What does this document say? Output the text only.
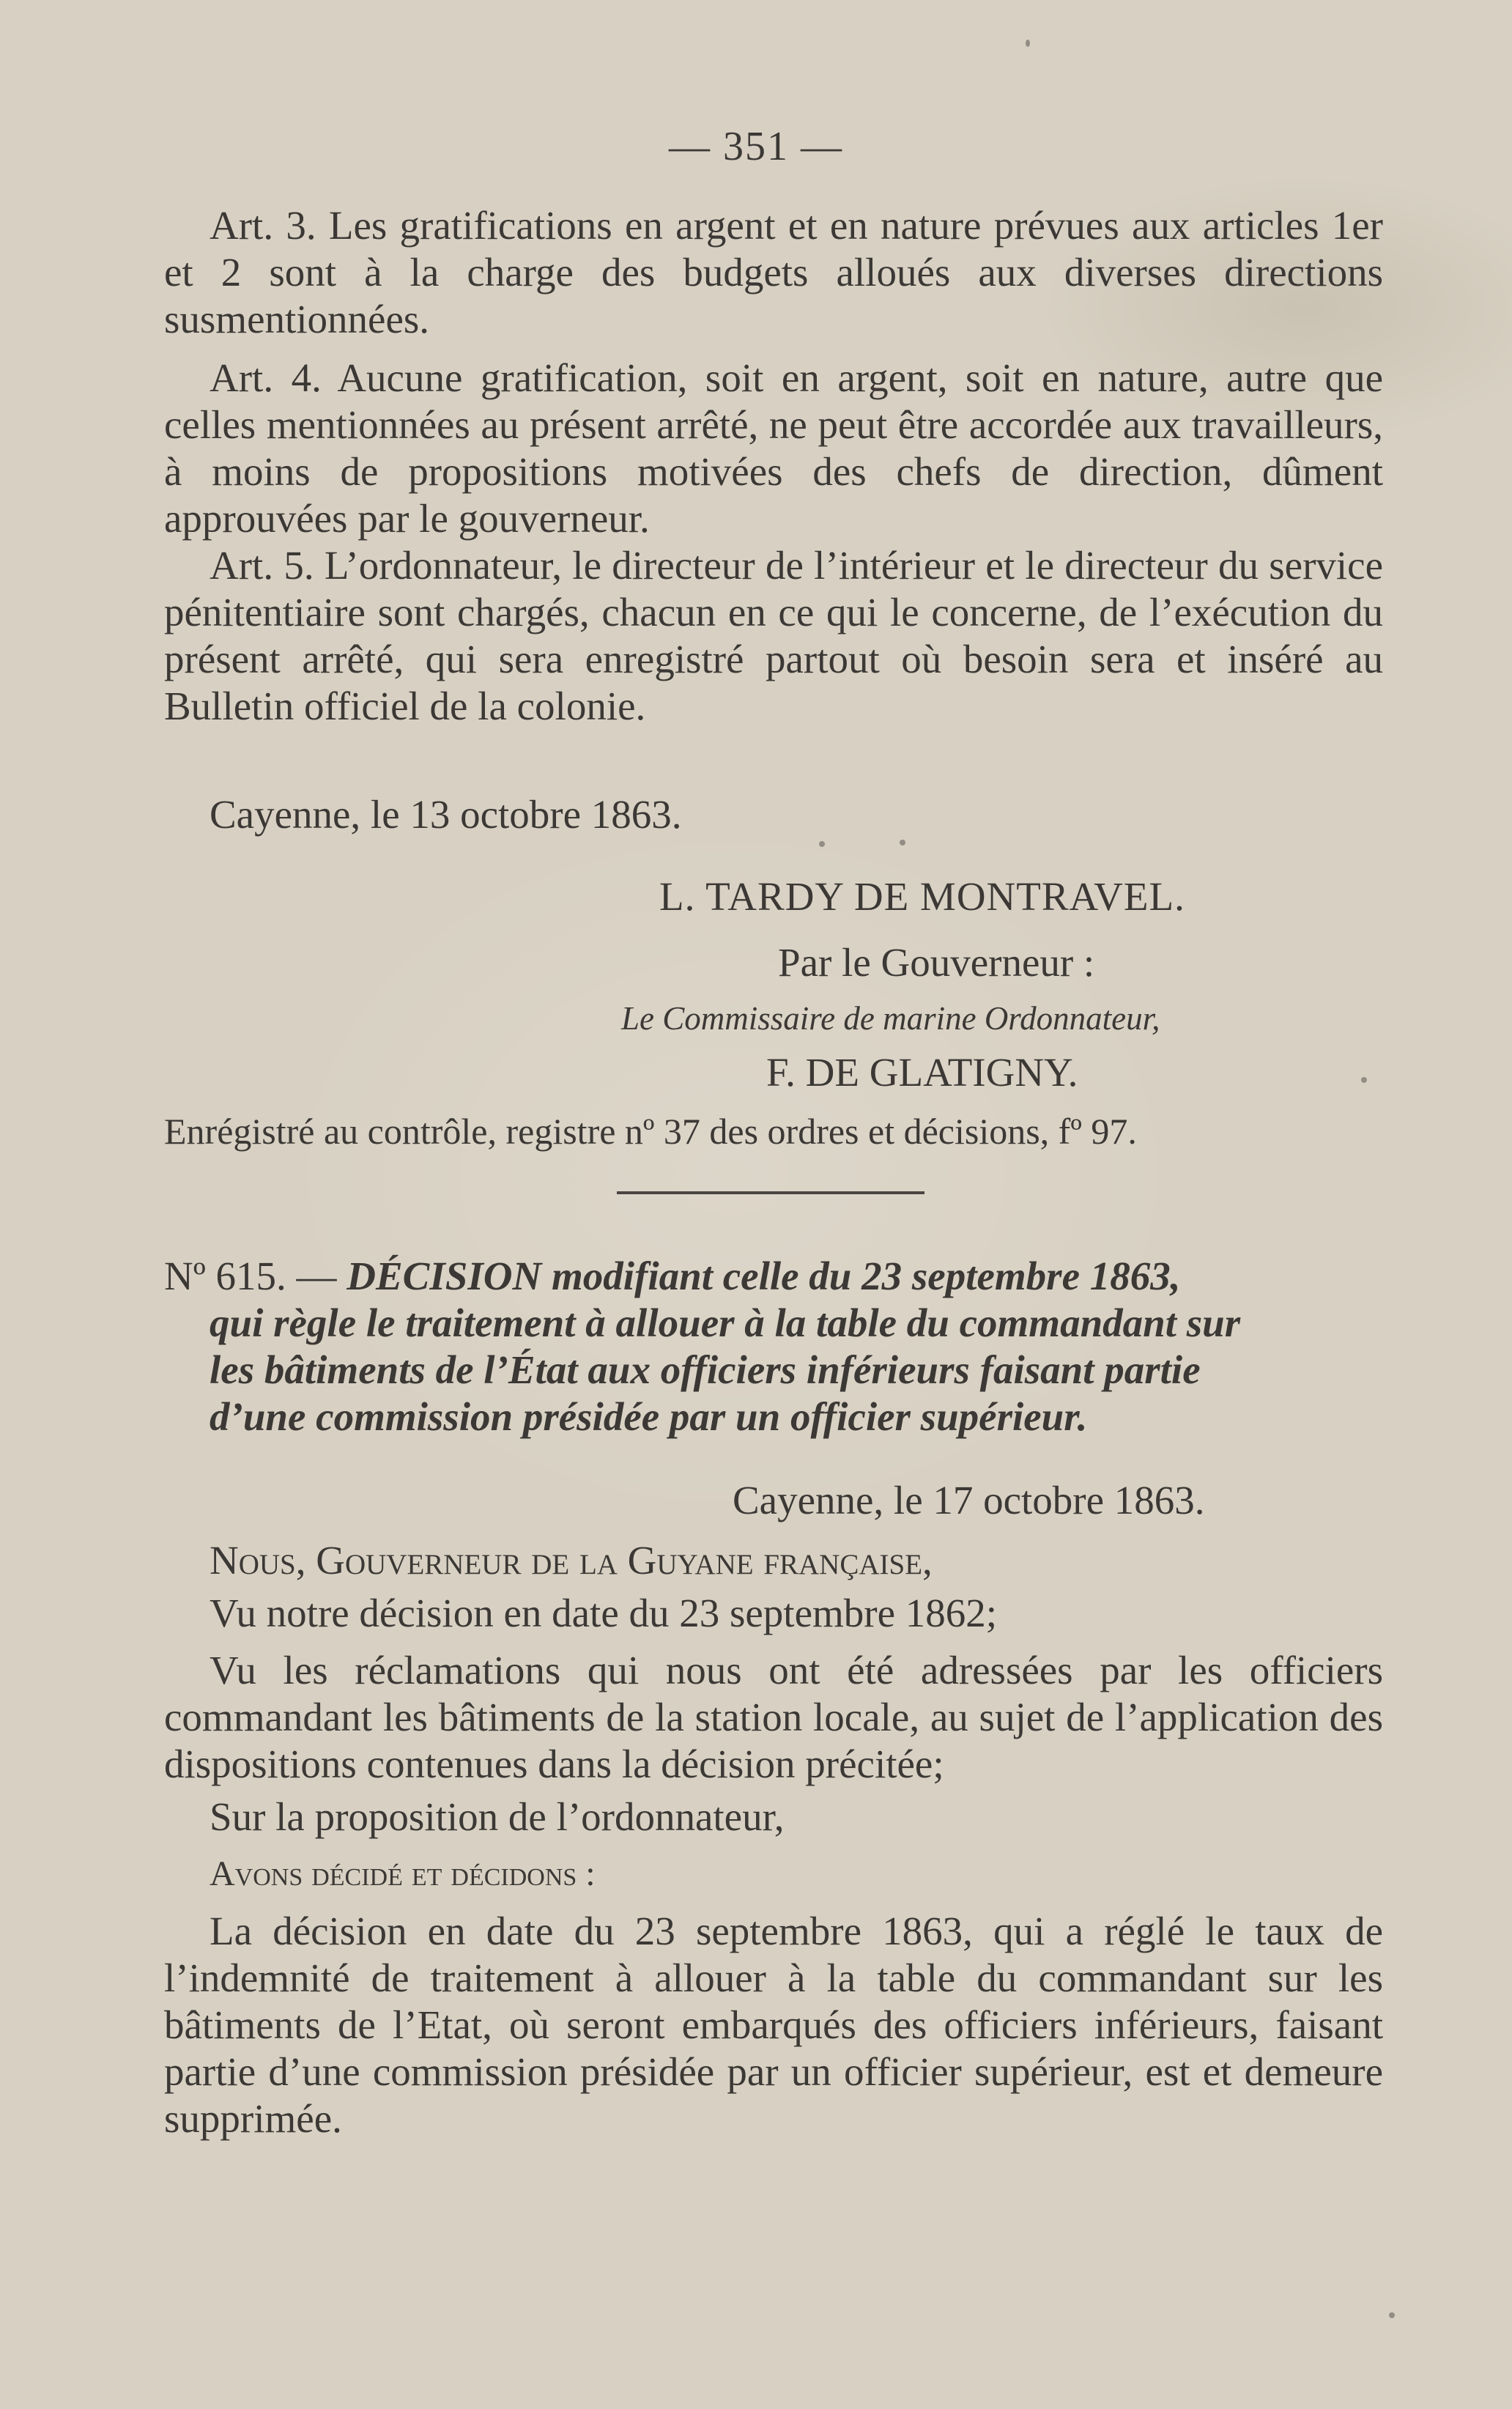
— 351 —

Art. 3. Les gratifications en argent et en nature prévues aux articles 1er et 2 sont à la charge des budgets alloués aux diverses directions susmentionnées.

Art. 4. Aucune gratification, soit en argent, soit en nature, autre que celles mentionnées au présent arrêté, ne peut être accordée aux travailleurs, à moins de propositions motivées des chefs de direction, dûment approuvées par le gouverneur.

Art. 5. L’ordonnateur, le directeur de l’intérieur et le directeur du service pénitentiaire sont chargés, chacun en ce qui le concerne, de l’exécution du présent arrêté, qui sera enregistré partout où besoin sera et inséré au Bulletin officiel de la colonie.

Cayenne, le 13 octobre 1863.

L. TARDY DE MONTRAVEL.
Par le Gouverneur :
Le Commissaire de marine Ordonnateur,
F. DE GLATIGNY.

Enrégistré au contrôle, registre nº 37 des ordres et décisions, fº 97.

Nº 615. — DÉCISION modifiant celle du 23 septembre 1863,
qui règle le traitement à allouer à la table du commandant sur
les bâtiments de l’État aux officiers inférieurs faisant partie
d’une commission présidée par un officier supérieur.

Cayenne, le 17 octobre 1863.

Nous, Gouverneur de la Guyane française,

Vu notre décision en date du 23 septembre 1862;

Vu les réclamations qui nous ont été adressées par les officiers commandant les bâtiments de la station locale, au sujet de l’application des dispositions contenues dans la décision précitée;

Sur la proposition de l’ordonnateur,

Avons décidé et décidons :

La décision en date du 23 septembre 1863, qui a réglé le taux de l’indemnité de traitement à allouer à la table du commandant sur les bâtiments de l’Etat, où seront embarqués des officiers inférieurs, faisant partie d’une commission présidée par un officier supérieur, est et demeure supprimée.
